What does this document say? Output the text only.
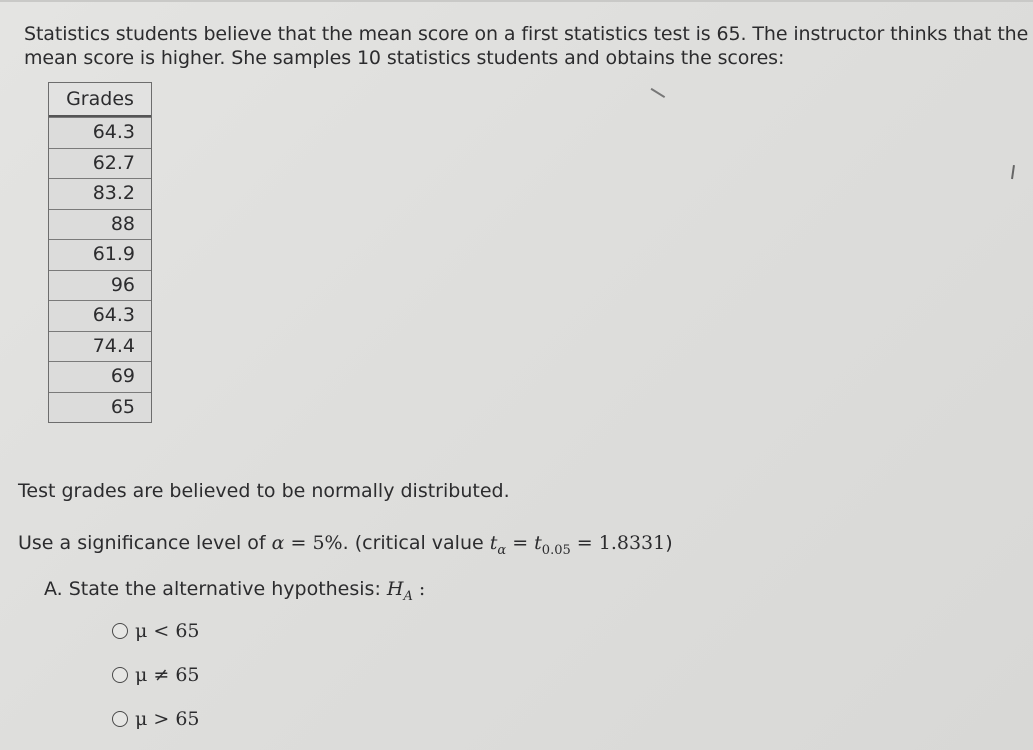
Statistics students believe that the mean score on a first statistics test is 65. The instructor thinks that the
mean score is higher. She samples 10 statistics students and obtains the scores:
Grades
64.3
62.7
83.2
88
61.9
96
64.3
74.4
69
65
Test grades are believed to be normally distributed.
Use a significance level of α = 5%. (critical value $t_\alpha = t_{0.05} = 1.8331$)
A. State the alternative hypothesis: $H_A$ :
μ < 65
μ ≠ 65
μ > 65
